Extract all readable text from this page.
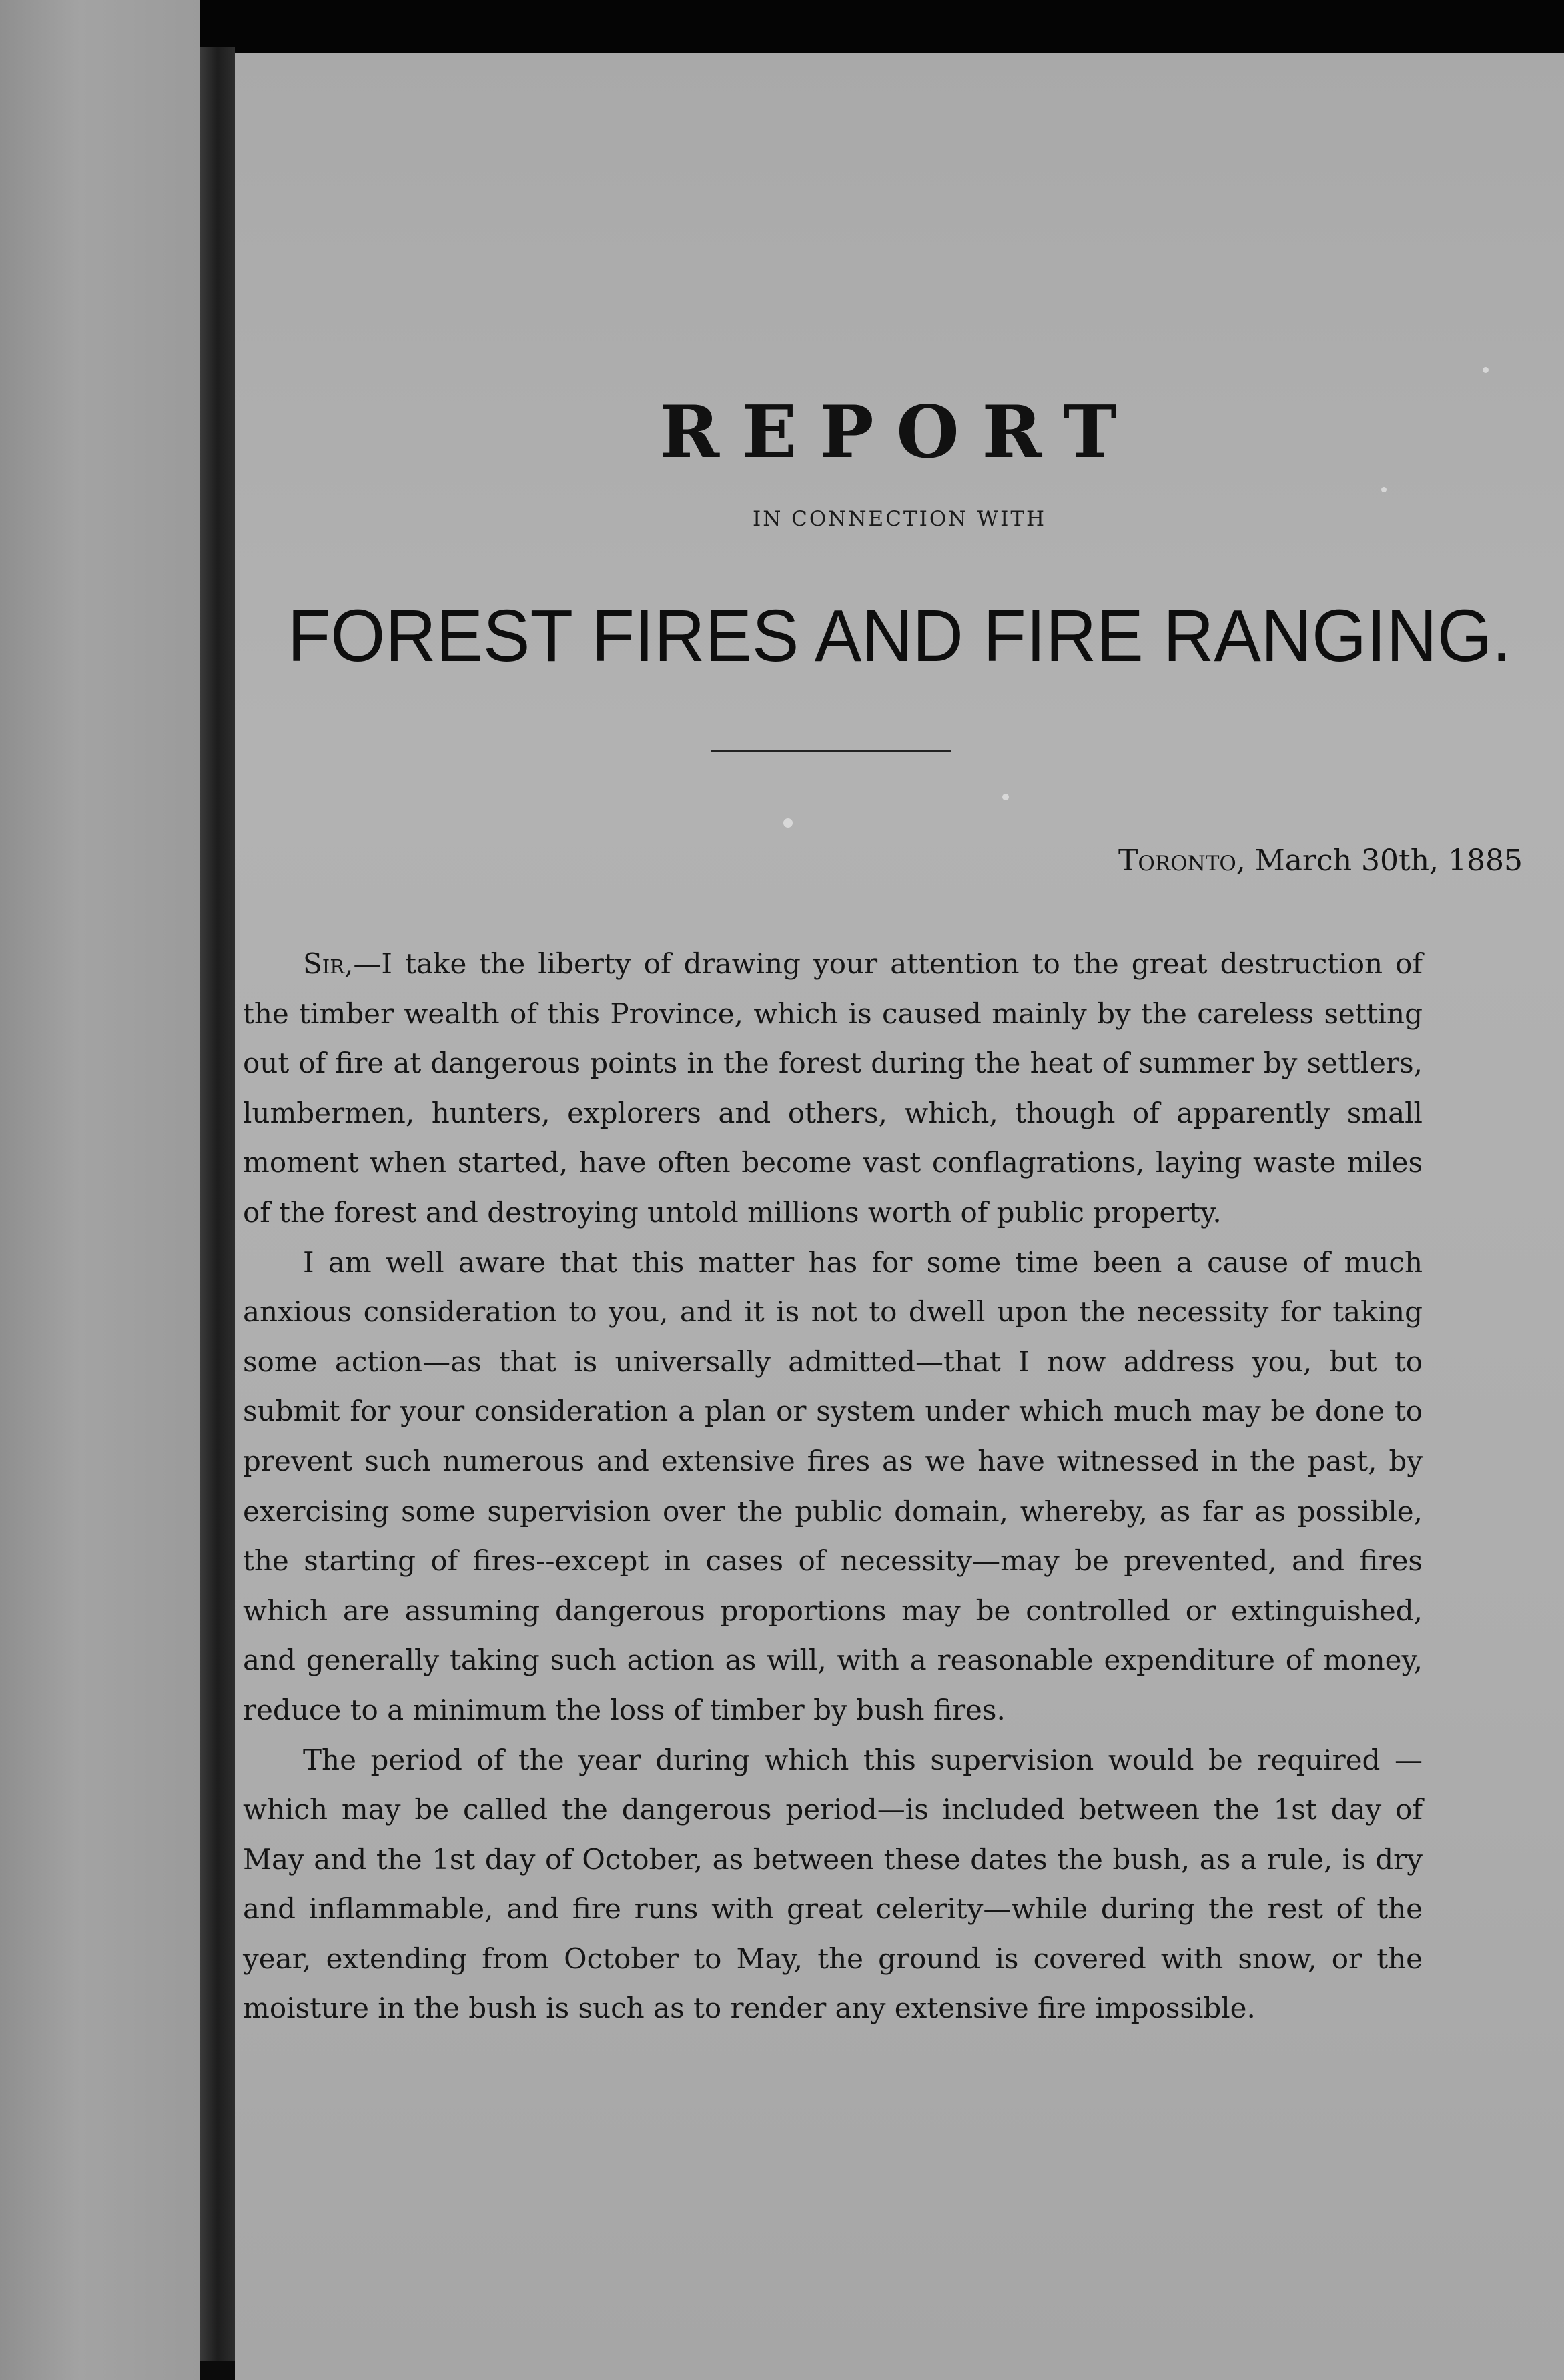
REPORT
IN CONNECTION WITH
FOREST FIRES AND FIRE RANGING.
Toronto, March 30th, 1885

Sir,—I take the liberty of drawing your attention to the great destruction of the timber wealth of this Province, which is caused mainly by the careless setting out of fire at dangerous points in the forest during the heat of summer by settlers, lumbermen, hunters, explorers and others, which, though of apparently small moment when started, have often become vast conflagrations, laying waste miles of the forest and destroying untold millions worth of public property.

I am well aware that this matter has for some time been a cause of much anxious consideration to you, and it is not to dwell upon the necessity for taking some action—as that is universally admitted—that I now address you, but to submit for your consideration a plan or system under which much may be done to prevent such numerous and extensive fires as we have witnessed in the past, by exercising some supervision over the public domain, whereby, as far as possible, the starting of fires--except in cases of necessity—may be prevented, and fires which are assuming dangerous proportions may be controlled or extinguished, and generally taking such action as will, with a reasonable expenditure of money, reduce to a minimum the loss of timber by bush fires.

The period of the year during which this supervision would be required —which may be called the dangerous period—is included between the 1st day of May and the 1st day of October, as between these dates the bush, as a rule, is dry and inflammable, and fire runs with great celerity—while during the rest of the year, extending from October to May, the ground is covered with snow, or the moisture in the bush is such as to render any extensive fire impossible.
